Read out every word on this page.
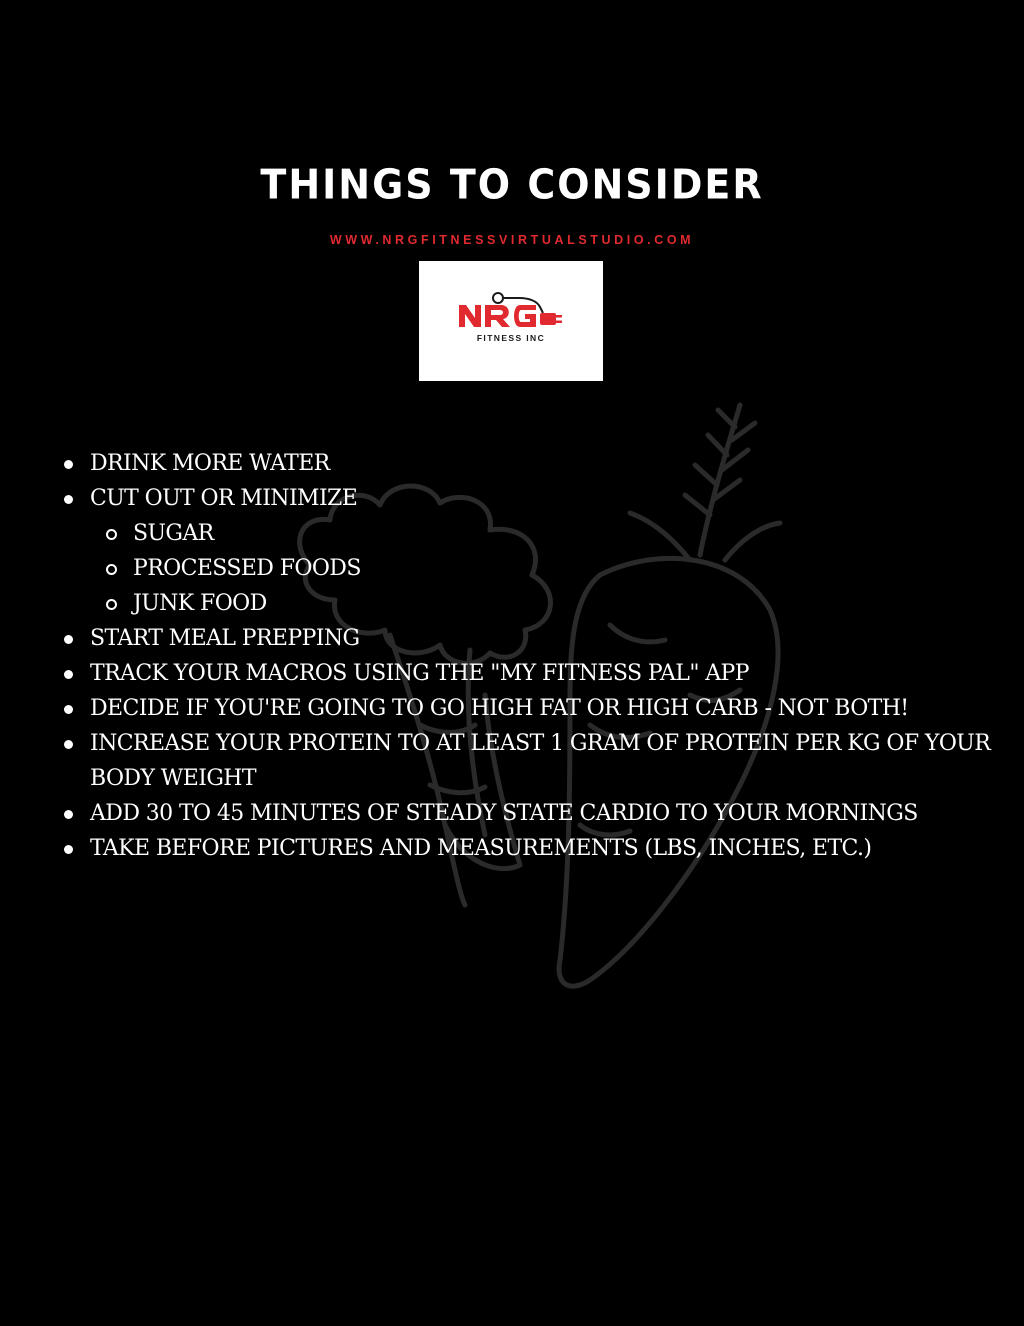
THINGS TO CONSIDER
WWW.NRGFITNESSVIRTUALSTUDIO.COM
FITNESS INC
DRINK MORE WATER
CUT OUT OR MINIMIZE
SUGAR
PROCESSED FOODS
JUNK FOOD
START MEAL PREPPING
TRACK YOUR MACROS USING THE "MY FITNESS PAL" APP
DECIDE IF YOU'RE GOING TO GO HIGH FAT OR HIGH CARB - NOT BOTH!
INCREASE YOUR PROTEIN TO AT LEAST 1 GRAM OF PROTEIN PER KG OF YOUR BODY WEIGHT
ADD 30 TO 45 MINUTES OF STEADY STATE CARDIO TO YOUR MORNINGS
TAKE BEFORE PICTURES AND MEASUREMENTS (LBS, INCHES, ETC.)
